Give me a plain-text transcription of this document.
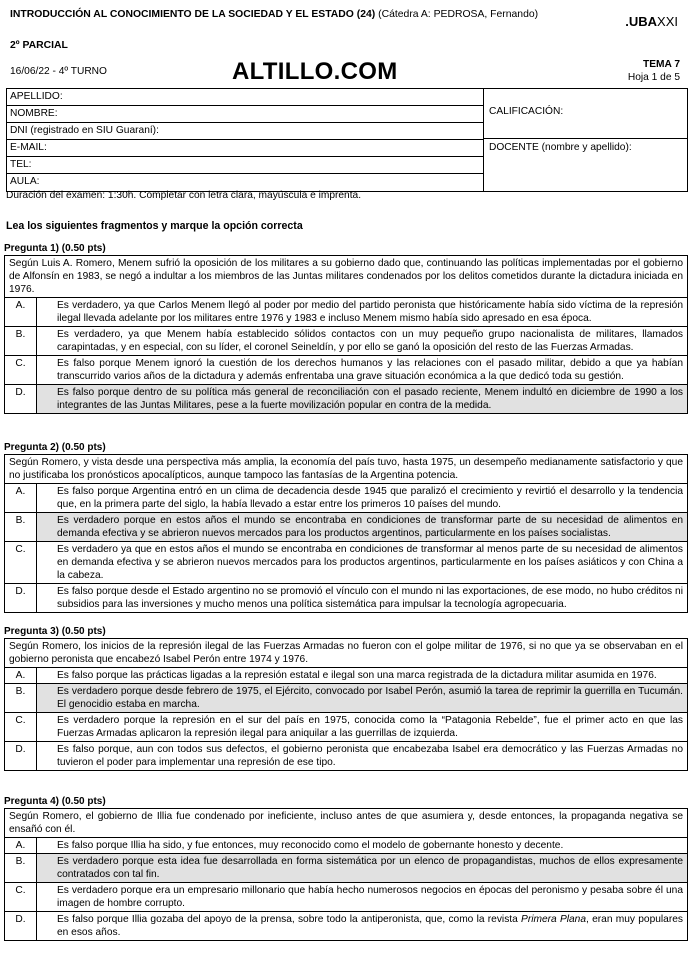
INTRODUCCIÓN AL CONOCIMIENTO DE LA SOCIEDAD Y EL ESTADO (24) (Cátedra A: PEDROSA, Fernando)
2º PARCIAL
16/06/22 - 4º TURNO	ALTILLO.COM
.UBAXXI
TEMA 7
Hoja 1 de 5
APELLIDO:
NOMBRE:
DNI (registrado en SIU Guaraní):
E-MAIL:
TEL:
AULA:
CALIFICACIÓN:
DOCENTE (nombre y apellido):
Duración del examen: 1:30h. Completar con letra clara, mayúscula e imprenta.
Lea los siguientes fragmentos y marque la opción correcta
Pregunta 1) (0.50 pts)
Según Luis A. Romero, Menem sufrió la oposición de los militares a su gobierno dado que, continuando las políticas implementadas por el gobierno de Alfonsín en 1983, se negó a indultar a los miembros de las Juntas militares condenados por los delitos cometidos durante la dictadura iniciada en 1976.
A.	Es verdadero, ya que Carlos Menem llegó al poder por medio del partido peronista que históricamente había sido víctima de la represión ilegal llevada adelante por los militares entre 1976 y 1983 e incluso Menem mismo había sido apresado en esa época.
B.	Es verdadero, ya que Menem había establecido sólidos contactos con un muy pequeño grupo nacionalista de militares, llamados carapintadas, y en especial, con su líder, el coronel Seineldín, y por ello se ganó la oposición del resto de las Fuerzas Armadas.
C.	Es falso porque Menem ignoró la cuestión de los derechos humanos y las relaciones con el pasado militar, debido a que ya habían transcurrido varios años de la dictadura y además enfrentaba una grave situación económica a la que dedicó toda su gestión.
D.	Es falso porque dentro de su política más general de reconciliación con el pasado reciente, Menem indultó en diciembre de 1990 a los integrantes de las Juntas Militares, pese a la fuerte movilización popular en contra de la medida.
Pregunta 2) (0.50 pts)
Según Romero, y vista desde una perspectiva más amplia, la economía del país tuvo, hasta 1975, un desempeño medianamente satisfactorio y que no justificaba los pronósticos apocalípticos, aunque tampoco las fantasías de la Argentina potencia.
A.	Es falso porque Argentina entró en un clima de decadencia desde 1945 que paralizó el crecimiento y revirtió el desarrollo y la tendencia que, en la primera parte del siglo, la había llevado a estar entre los primeros 10 países del mundo.
B.	Es verdadero porque en estos años el mundo se encontraba en condiciones de transformar parte de su necesidad de alimentos en demanda efectiva y se abrieron nuevos mercados para los productos argentinos, particularmente en los países socialistas.
C.	Es verdadero ya que en estos años el mundo se encontraba en condiciones de transformar al menos parte de su necesidad de alimentos en demanda efectiva y se abrieron nuevos mercados para los productos argentinos, particularmente en los países asiáticos y con China a la cabeza.
D.	Es falso porque desde el Estado argentino no se promovió el vínculo con el mundo ni las exportaciones, de ese modo, no hubo créditos ni subsidios para las inversiones y mucho menos una política sistemática para impulsar la tecnología agropecuaria.
Pregunta 3) (0.50 pts)
Según Romero, los inicios de la represión ilegal de las Fuerzas Armadas no fueron con el golpe militar de 1976, si no que ya se observaban en el gobierno peronista que encabezó Isabel Perón entre 1974 y 1976.
A.	Es falso porque las prácticas ligadas a la represión estatal e ilegal son una marca registrada de la dictadura militar asumida en 1976.
B.	Es verdadero porque desde febrero de 1975, el Ejército, convocado por Isabel Perón, asumió la tarea de reprimir la guerrilla en Tucumán. El genocidio estaba en marcha.
C.	Es verdadero porque la represión en el sur del país en 1975, conocida como la “Patagonia Rebelde”, fue el primer acto en que las Fuerzas Armadas aplicaron la represión ilegal para aniquilar a las guerrillas de izquierda.
D.	Es falso porque, aun con todos sus defectos, el gobierno peronista que encabezaba Isabel era democrático y las Fuerzas Armadas no tuvieron el poder para implementar una represión de ese tipo.
Pregunta 4) (0.50 pts)
Según Romero, el gobierno de Illia fue condenado por ineficiente, incluso antes de que asumiera y, desde entonces, la propaganda negativa se ensañó con él.
A.	Es falso porque Illia ha sido, y fue entonces, muy reconocido como el modelo de gobernante honesto y decente.
B.	Es verdadero porque esta idea fue desarrollada en forma sistemática por un elenco de propagandistas, muchos de ellos expresamente contratados con tal fin.
C.	Es verdadero porque era un empresario millonario que había hecho numerosos negocios en épocas del peronismo y pesaba sobre él una imagen de hombre corrupto.
D.	Es falso porque Illia gozaba del apoyo de la prensa, sobre todo la antiperonista, que, como la revista Primera Plana, eran muy populares en esos años.
